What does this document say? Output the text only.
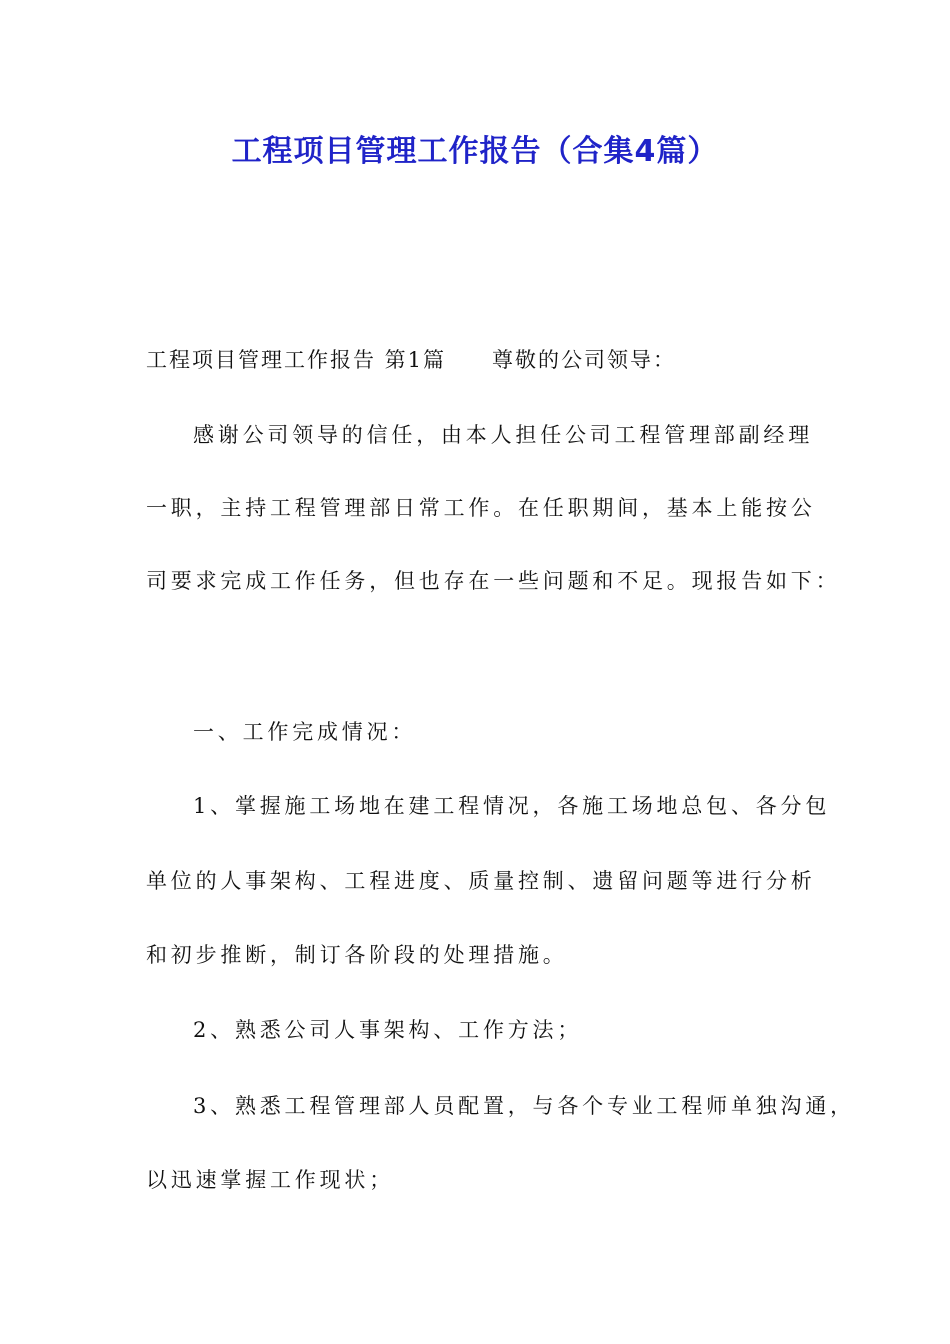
工程项目管理工作报告（合集4篇）
工程项目管理工作报告 第1篇 尊敬的公司领导：
感谢公司领导的信任，由本人担任公司工程管理部副经理
一职，主持工程管理部日常工作。在任职期间，基本上能按公
司要求完成工作任务，但也存在一些问题和不足。现报告如下：
一、工作完成情况：
1、掌握施工场地在建工程情况，各施工场地总包、各分包
单位的人事架构、工程进度、质量控制、遗留问题等进行分析
和初步推断，制订各阶段的处理措施。
2、熟悉公司人事架构、工作方法；
3、熟悉工程管理部人员配置，与各个专业工程师单独沟通，
以迅速掌握工作现状；
